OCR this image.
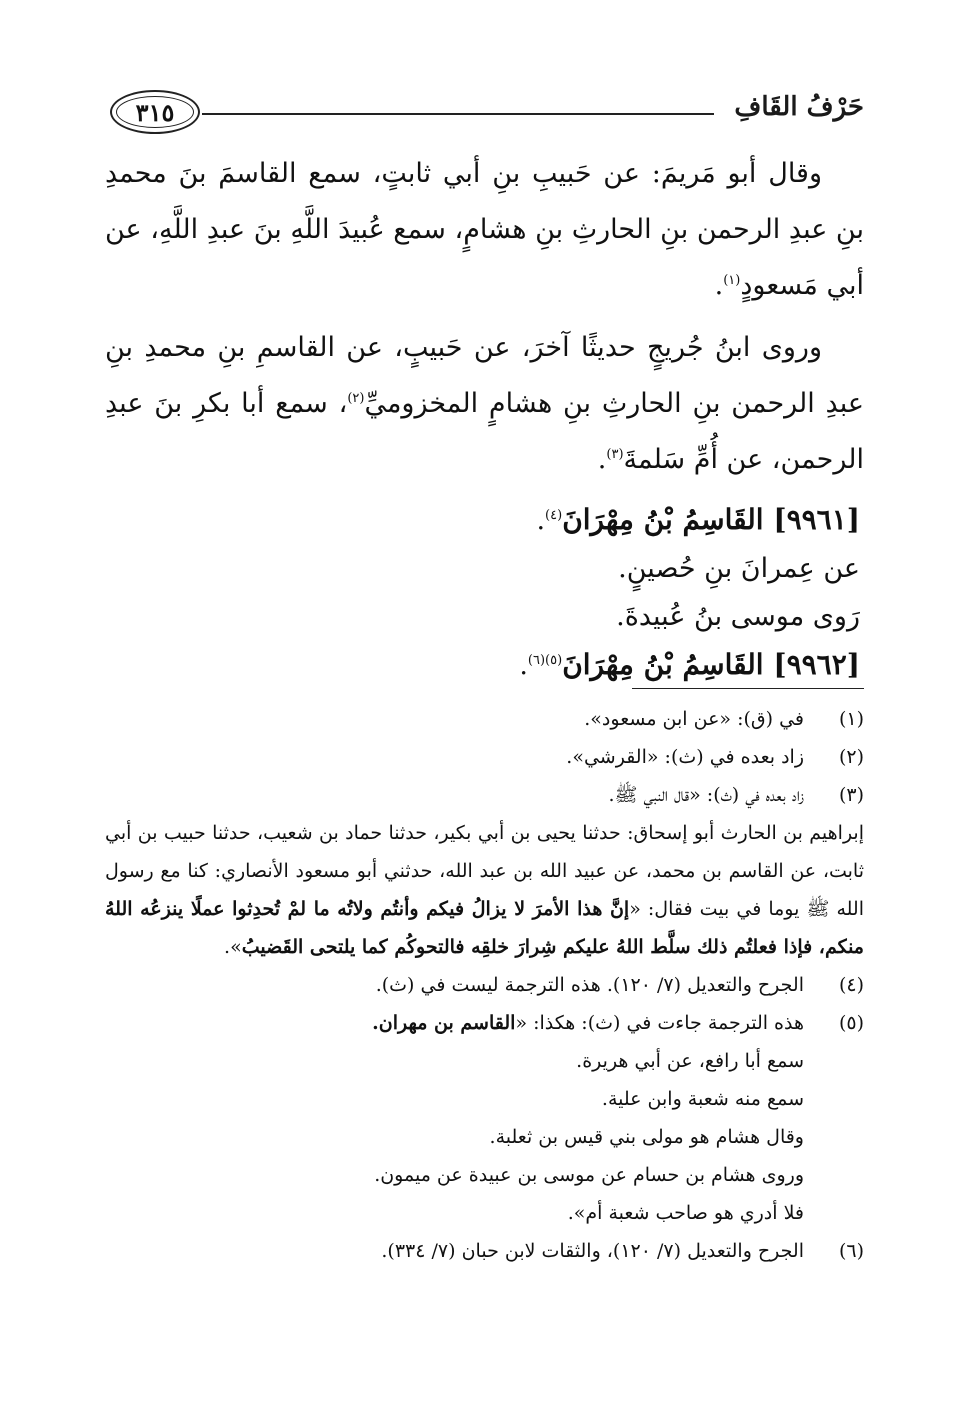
حَرْفُ القَافِ
٣١٥

وقال أبو مَريمَ: عن حَبيبِ بنِ أبي ثابتٍ، سمع القاسمَ بنَ محمدِ بنِ عبدِ الرحمن بنِ الحارثِ بنِ هشامٍ، سمع عُبيدَ اللَّهِ بنَ عبدِ اللَّهِ، عن أبي مَسعودٍ$^{(١)}$.

وروى ابنُ جُريجٍ حديثًا آخرَ، عن حَبيبٍ، عن القاسمِ بنِ محمدِ بنِ عبدِ الرحمن بنِ الحارثِ بنِ هشامٍ المخزوميِّ$^{(٢)}$، سمع أبا بكرِ بنَ عبدِ الرحمن، عن أُمِّ سَلمةَ$^{(٣)}$.

[٩٩٦١] القَاسِمُ بْنُ مِهْرَانَ$^{(٤)}$.

عن عِمرانَ بنِ حُصينٍ.

رَوى موسى بنُ عُبيدةَ.

[٩٩٦٢] القَاسِمُ بْنُ مِهْرَانَ$^{(٥)(٦)}$.

(١)
في (ق): «عن ابن مسعود».
(٢)
زاد بعده في (ث): «القرشي».
(٣)
زاد بعده في (ث): «قال النبي ﷺ.
إبراهيم بن الحارث أبو إسحاق: حدثنا يحيى بن أبي بكير، حدثنا حماد بن شعيب، حدثنا حبيب بن أبي ثابت، عن القاسم بن محمد، عن عبيد الله بن عبد الله، حدثني أبو مسعود الأنصاري: كنا مع رسول الله ﷺ يوما في بيت فقال: «إنَّ هذا الأمرَ لا يزالُ فيكم وأنتُم ولاتُه ما لمْ تُحدِثوا عملًا ينزعُه اللهُ منكم، فإذا فعلتُم ذلك سلَّط اللهُ عليكم شِرارَ خلقِه فالتحوكُم كما يلتحى القَضيبُ».
(٤)
الجرح والتعديل (٧/ ١٢٠). هذه الترجمة ليست في (ث).
(٥)
هذه الترجمة جاءت في (ث): هكذا: «القاسم بن مهران.
سمع أبا رافع، عن أبي هريرة.
سمع منه شعبة وابن علية.
وقال هشام هو مولى بني قيس بن ثعلبة.
وروى هشام بن حسام عن موسى بن عبيدة عن ميمون.
فلا أدري هو صاحب شعبة أم».
(٦)
الجرح والتعديل (٧/ ١٢٠)، والثقات لابن حبان (٧/ ٣٣٤).
